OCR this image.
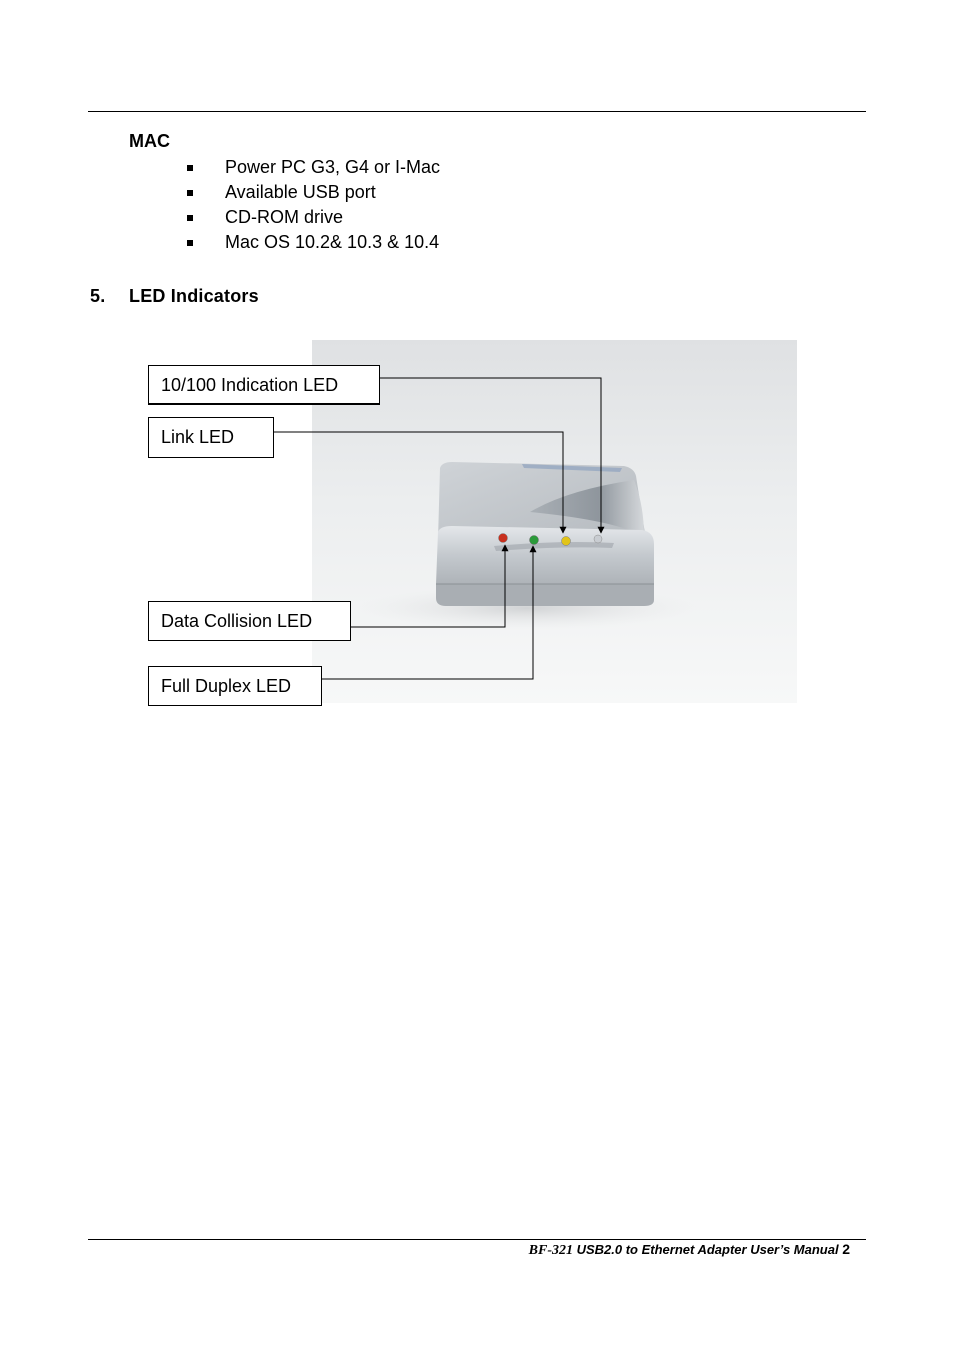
MAC
Power PC G3, G4 or I-Mac
Available USB port
CD-ROM drive
Mac OS 10.2& 10.3 & 10.4
5. LED Indicators
10/100 Indication LED
Link LED
Data Collision LED
Full Duplex LED
BF-321 USB2.0 to Ethernet Adapter User’s Manual 2
